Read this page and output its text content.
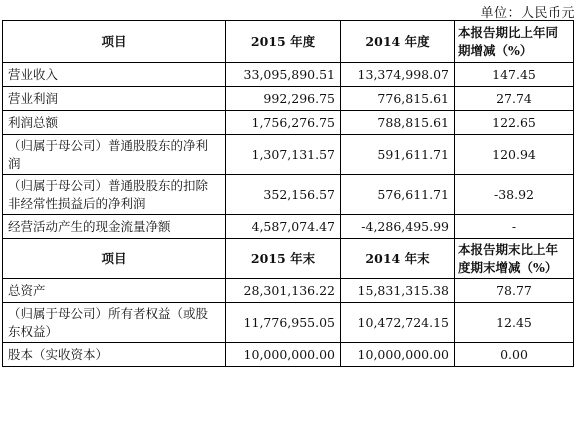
单位：人民币元
项目	2015 年度	2014 年度	本报告期比上年同期增减（%）
营业收入	33,095,890.51	13,374,998.07	147.45
营业利润	992,296.75	776,815.61	27.74
利润总额	1,756,276.75	788,815.61	122.65
（归属于母公司）普通股股东的净利润	1,307,131.57	591,611.71	120.94
（归属于母公司）普通股股东的扣除非经常性损益后的净利润	352,156.57	576,611.71	-38.92
经营活动产生的现金流量净额	4,587,074.47	-4,286,495.99	-
项目	2015 年末	2014 年末	本报告期末比上年度期末增减（%）
总资产	28,301,136.22	15,831,315.38	78.77
（归属于母公司）所有者权益（或股东权益）	11,776,955.05	10,472,724.15	12.45
股本（实收资本）	10,000,000.00	10,000,000.00	0.00
